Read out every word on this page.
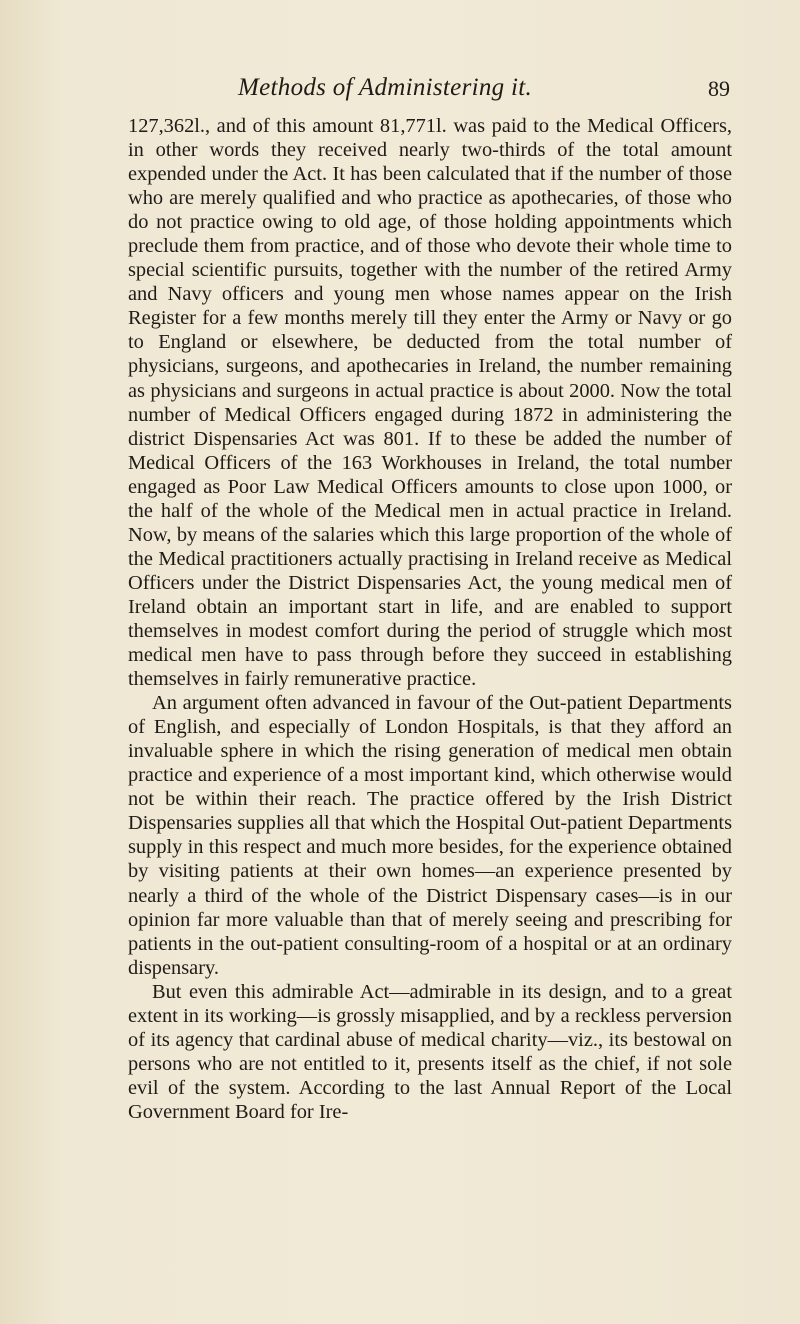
Methods of Administering it.	89

127,362l., and of this amount 81,771l. was paid to the Medical Officers, in other words they received nearly two-thirds of the total amount expended under the Act. It has been calculated that if the number of those who are merely qualified and who practice as apothecaries, of those who do not practice owing to old age, of those holding appointments which preclude them from practice, and of those who devote their whole time to special scientific pursuits, together with the number of the retired Army and Navy officers and young men whose names appear on the Irish Register for a few months merely till they enter the Army or Navy or go to England or elsewhere, be deducted from the total number of physicians, surgeons, and apothecaries in Ireland, the number remaining as physicians and surgeons in actual practice is about 2000. Now the total number of Medical Officers engaged during 1872 in administering the district Dispensaries Act was 801. If to these be added the number of Medical Officers of the 163 Workhouses in Ireland, the total number engaged as Poor Law Medical Officers amounts to close upon 1000, or the half of the whole of the Medical men in actual practice in Ireland. Now, by means of the salaries which this large proportion of the whole of the Medical practitioners actually practising in Ireland receive as Medical Officers under the District Dispensaries Act, the young medical men of Ireland obtain an important start in life, and are enabled to support themselves in modest comfort during the period of struggle which most medical men have to pass through before they succeed in establishing themselves in fairly remunerative practice.

An argument often advanced in favour of the Out-patient Departments of English, and especially of London Hospitals, is that they afford an invaluable sphere in which the rising generation of medical men obtain practice and experience of a most important kind, which otherwise would not be within their reach. The practice offered by the Irish District Dispensaries supplies all that which the Hospital Out-patient Departments supply in this respect and much more besides, for the experience obtained by visiting patients at their own homes—an experience presented by nearly a third of the whole of the District Dispensary cases—is in our opinion far more valuable than that of merely seeing and prescribing for patients in the out-patient consulting-room of a hospital or at an ordinary dispensary.

But even this admirable Act—admirable in its design, and to a great extent in its working—is grossly misapplied, and by a reckless perversion of its agency that cardinal abuse of medical charity—viz., its bestowal on persons who are not entitled to it, presents itself as the chief, if not sole evil of the system. According to the last Annual Report of the Local Government Board for Ire-
